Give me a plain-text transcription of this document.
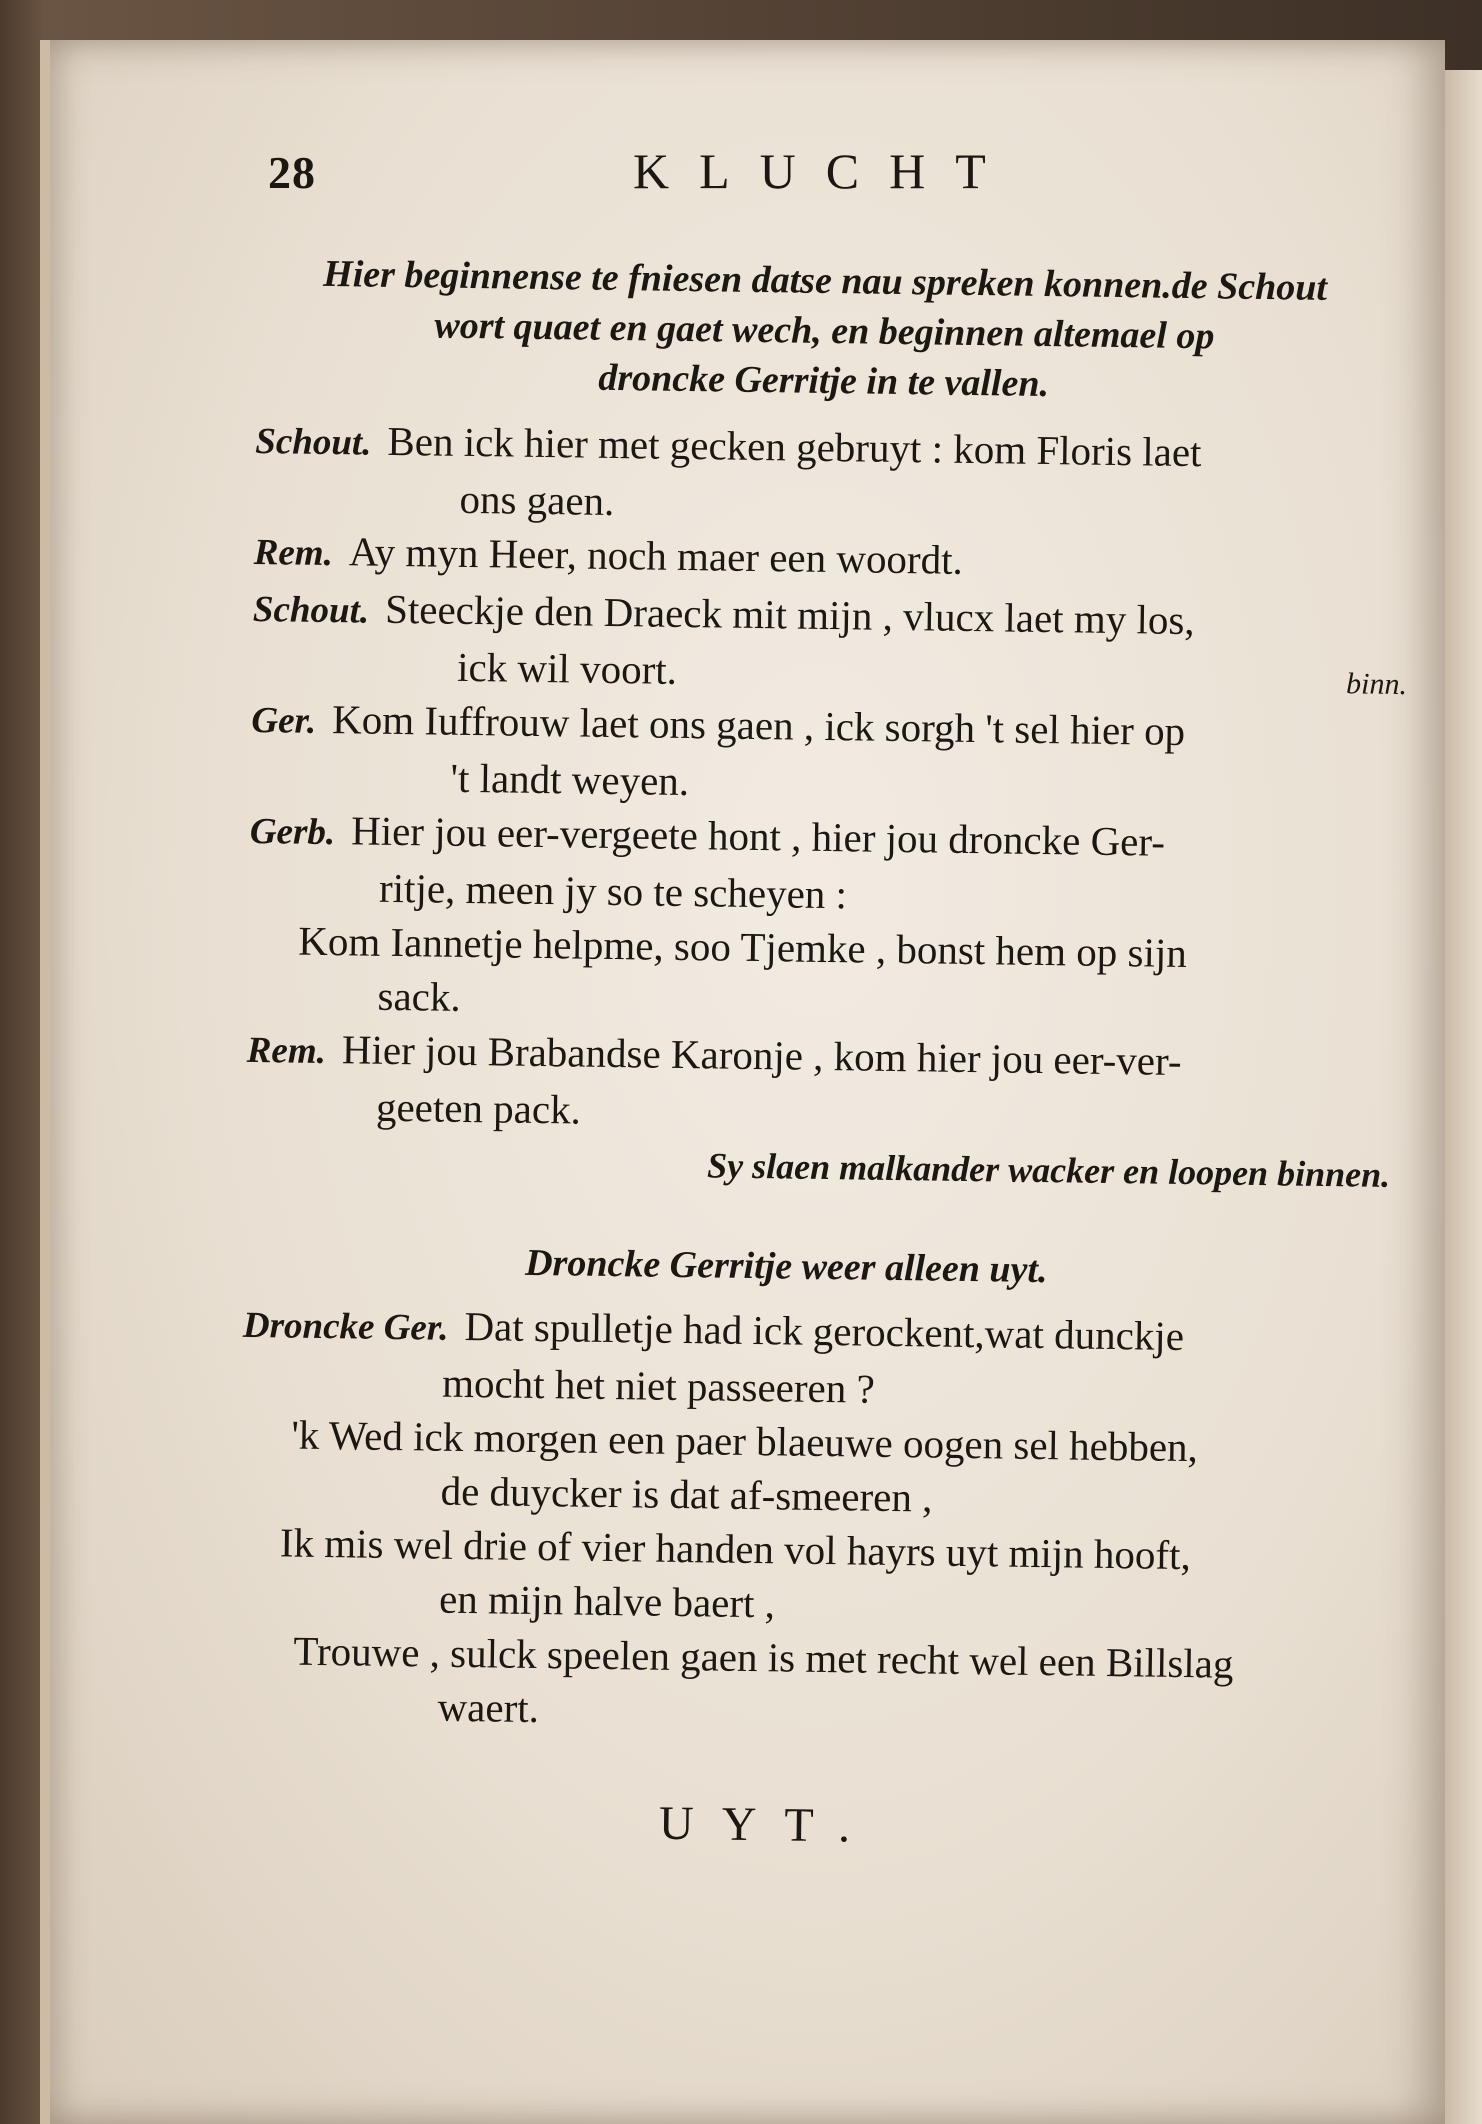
28	KLUCHT
Hier beginnense te fniesen datse nau spreken konnen.de Schout
wort quaet en gaet wech, en beginnen altemael op
droncke Gerritje in te vallen.
Schout. Ben ick hier met gecken gebruyt : kom Floris laet
ons gaen.
Rem. Ay myn Heer, noch maer een woordt.
Schout. Steeckje den Draeck mit mijn , vlucx laet my los,
ick wil voort.	binn.
Ger. Kom Iuffrouw laet ons gaen , ick sorgh 't sel hier op
't landt weyen.
Gerb. Hier jou eer-vergeete hont , hier jou droncke Ger-
ritje, meen jy so te scheyen :
Kom Iannetje helpme, soo Tjemke , bonst hem op sijn
sack.
Rem. Hier jou Brabandse Karonje , kom hier jou eer-ver-
geeten pack.
Sy slaen malkander wacker en loopen binnen.
Droncke Gerritje weer alleen uyt.
Droncke Ger. Dat spulletje had ick gerockent,wat dunckje
mocht het niet passeeren ?
'k Wed ick morgen een paer blaeuwe oogen sel hebben,
de duycker is dat af-smeeren ,
Ik mis wel drie of vier handen vol hayrs uyt mijn hooft,
en mijn halve baert ,
Trouwe , sulck speelen gaen is met recht wel een Billslag
waert.
UYT.
